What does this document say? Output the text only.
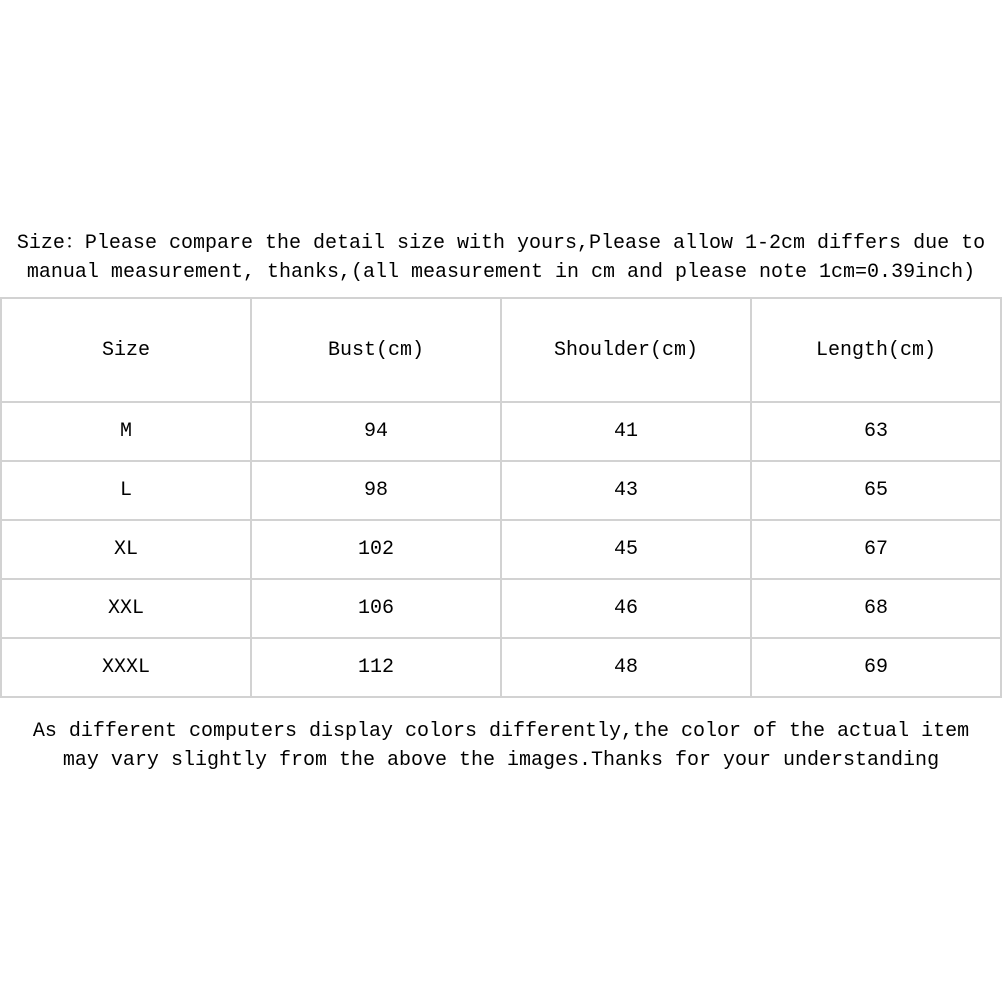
Size：Please compare the detail size with yours,Please allow 1-2cm differs due to
manual measurement, thanks,(all measurement in cm and please note 1cm=0.39inch)

Size	Bust(cm)	Shoulder(cm)	Length(cm)
M	94	41	63
L	98	43	65
XL	102	45	67
XXL	106	46	68
XXXL	112	48	69

As different computers display colors differently,the color of the actual item
may vary slightly from the above the images.Thanks for your understanding
